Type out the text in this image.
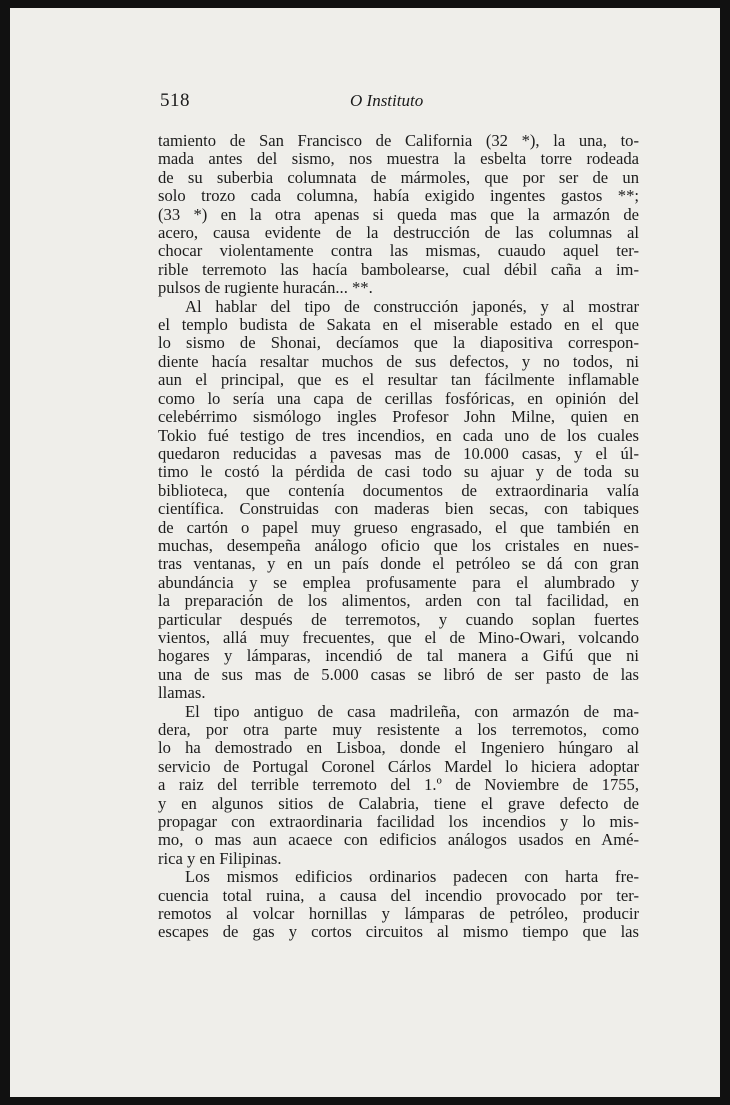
518	O Instituto
tamiento de San Francisco de California (32 *), la una, to-
mada antes del sismo, nos muestra la esbelta torre rodeada
de su suberbia columnata de mármoles, que por ser de un
solo trozo cada columna, había exigido ingentes gastos **;
(33 *) en la otra apenas si queda mas que la armazón de
acero, causa evidente de la destrucción de las columnas al
chocar violentamente contra las mismas, cuaudo aquel ter-
rible terremoto las hacía bambolearse, cual débil caña a im-
pulsos de rugiente huracán... **.
Al hablar del tipo de construcción japonés, y al mostrar
el templo budista de Sakata en el miserable estado en el que
lo sismo de Shonai, decíamos que la diapositiva correspon-
diente hacía resaltar muchos de sus defectos, y no todos, ni
aun el principal, que es el resultar tan fácilmente inflamable
como lo sería una capa de cerillas fosfóricas, en opinión del
celebérrimo sismólogo ingles Profesor John Milne, quien en
Tokio fué testigo de tres incendios, en cada uno de los cuales
quedaron reducidas a pavesas mas de 10.000 casas, y el úl-
timo le costó la pérdida de casi todo su ajuar y de toda su
biblioteca, que contenía documentos de extraordinaria valía
científica. Construidas con maderas bien secas, con tabiques
de cartón o papel muy grueso engrasado, el que también en
muchas, desempeña análogo oficio que los cristales en nues-
tras ventanas, y en un país donde el petróleo se dá con gran
abundáncia y se emplea profusamente para el alumbrado y
la preparación de los alimentos, arden con tal facilidad, en
particular después de terremotos, y cuando soplan fuertes
vientos, allá muy frecuentes, que el de Mino-Owari, volcando
hogares y lámparas, incendió de tal manera a Gifú que ni
una de sus mas de 5.000 casas se libró de ser pasto de las
llamas.
El tipo antiguo de casa madrileña, con armazón de ma-
dera, por otra parte muy resistente a los terremotos, como
lo ha demostrado en Lisboa, donde el Ingeniero húngaro al
servicio de Portugal Coronel Cárlos Mardel lo hiciera adoptar
a raiz del terrible terremoto del 1.º de Noviembre de 1755,
y en algunos sitios de Calabria, tiene el grave defecto de
propagar con extraordinaria facilidad los incendios y lo mis-
mo, o mas aun acaece con edificios análogos usados en Amé-
rica y en Filipinas.
Los mismos edificios ordinarios padecen con harta fre-
cuencia total ruina, a causa del incendio provocado por ter-
remotos al volcar hornillas y lámparas de petróleo, producir
escapes de gas y cortos circuitos al mismo tiempo que las
